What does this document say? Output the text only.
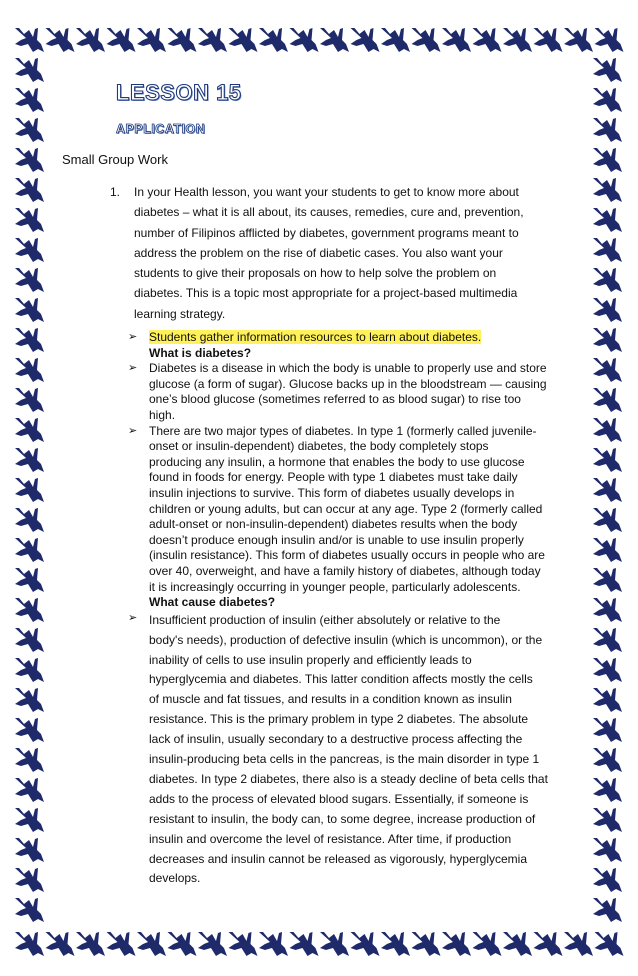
LESSON 15
APPLICATION
Small Group Work
1.	In your Health lesson, you want your students to get to know more about
diabetes – what it is all about, its causes, remedies, cure and, prevention,
number of Filipinos afflicted by diabetes, government programs meant to
address the problem on the rise of diabetic cases. You also want your
students to give their proposals on how to help solve the problem on
diabetes. This is a topic most appropriate for a project-based multimedia
learning strategy.
➢ Students gather information resources to learn about diabetes.
What is diabetes?
➢ Diabetes is a disease in which the body is unable to properly use and store
glucose (a form of sugar). Glucose backs up in the bloodstream — causing
one’s blood glucose (sometimes referred to as blood sugar) to rise too
high.
➢ There are two major types of diabetes. In type 1 (formerly called juvenile-
onset or insulin-dependent) diabetes, the body completely stops
producing any insulin, a hormone that enables the body to use glucose
found in foods for energy. People with type 1 diabetes must take daily
insulin injections to survive. This form of diabetes usually develops in
children or young adults, but can occur at any age. Type 2 (formerly called
adult-onset or non-insulin-dependent) diabetes results when the body
doesn’t produce enough insulin and/or is unable to use insulin properly
(insulin resistance). This form of diabetes usually occurs in people who are
over 40, overweight, and have a family history of diabetes, although today
it is increasingly occurring in younger people, particularly adolescents.
What cause diabetes?
➢ Insufficient production of insulin (either absolutely or relative to the
body's needs), production of defective insulin (which is uncommon), or the
inability of cells to use insulin properly and efficiently leads to
hyperglycemia and diabetes. This latter condition affects mostly the cells
of muscle and fat tissues, and results in a condition known as insulin
resistance. This is the primary problem in type 2 diabetes. The absolute
lack of insulin, usually secondary to a destructive process affecting the
insulin-producing beta cells in the pancreas, is the main disorder in type 1
diabetes. In type 2 diabetes, there also is a steady decline of beta cells that
adds to the process of elevated blood sugars. Essentially, if someone is
resistant to insulin, the body can, to some degree, increase production of
insulin and overcome the level of resistance. After time, if production
decreases and insulin cannot be released as vigorously, hyperglycemia
develops.
